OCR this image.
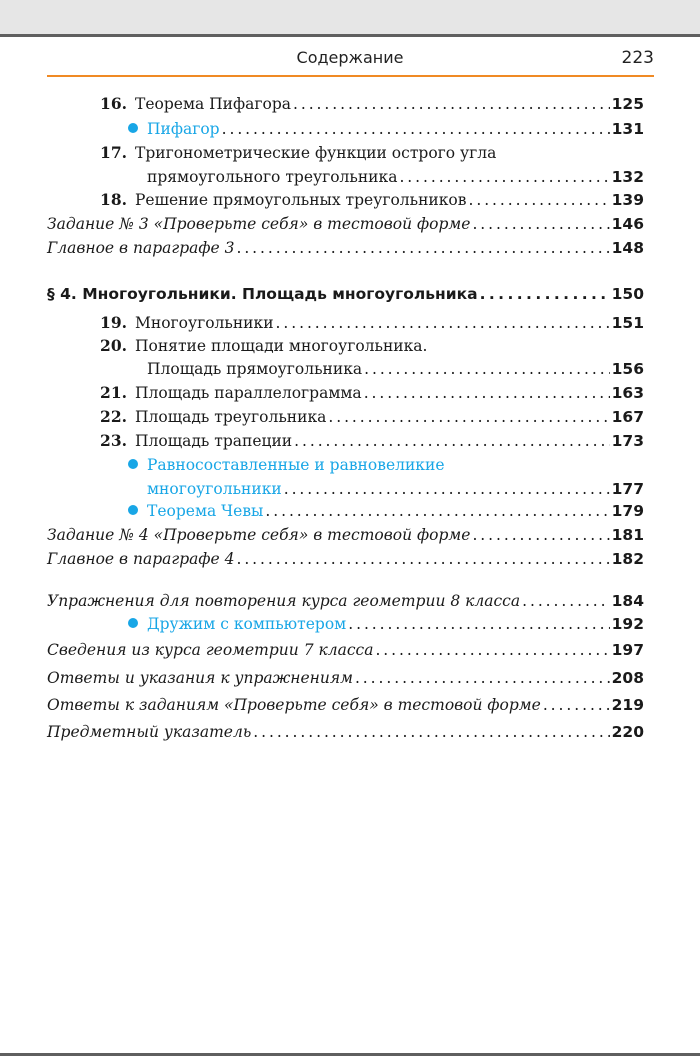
Содержание	223
16. Теорема Пифагора . . .	125
Пифагор . . .	131
17. Тригонометрические функции острого угла
прямоугольного треугольника . . .	132
18. Решение прямоугольных треугольников . . .	139
Задание № 3 «Проверьте себя» в тестовой форме . . .	146
Главное в параграфе 3 . . .	148
§ 4. Многоугольники. Площадь многоугольника . . .	150
19. Многоугольники . . .	151
20. Понятие площади многоугольника.
Площадь прямоугольника . . .	156
21. Площадь параллелограмма . . .	163
22. Площадь треугольника . . .	167
23. Площадь трапеции . . .	173
Равносоставленные и равновеликие
многоугольники . . .	177
Теорема Чевы . . .	179
Задание № 4 «Проверьте себя» в тестовой форме . . .	181
Главное в параграфе 4 . . .	182
Упражнения для повторения курса геометрии 8 класса . . .	184
Дружим с компьютером . . .	192
Сведения из курса геометрии 7 класса . . .	197
Ответы и указания к упражнениям . . .	208
Ответы к заданиям «Проверьте себя» в тестовой форме . . .	219
Предметный указатель . . .	220
